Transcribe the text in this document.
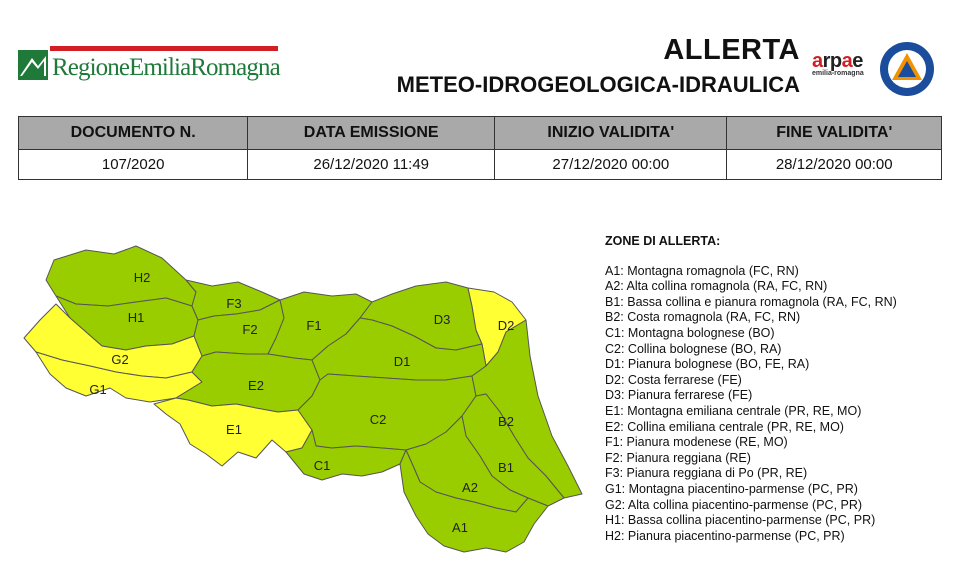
RegioneEmiliaRomagna
ALLERTA
METEO-IDROGEOLOGICA-IDRAULICA
arpae
emilia-romagna
DOCUMENTO N.	DATA EMISSIONE	INIZIO VALIDITA'	FINE VALIDITA'
107/2020	26/12/2020 11:49	27/12/2020 00:00	28/12/2020 00:00
H2
H1
G2
G1
F3
F2	F1
E2
E1
D3	D2
D1
C2
C1
B2
B1
A2
A1
ZONE DI ALLERTA:
A1: Montagna romagnola (FC, RN)
A2: Alta collina romagnola (RA, FC, RN)
B1: Bassa collina e pianura romagnola (RA, FC, RN)
B2: Costa romagnola (RA, FC, RN)
C1: Montagna bolognese (BO)
C2: Collina bolognese (BO, RA)
D1: Pianura bolognese (BO, FE, RA)
D2: Costa ferrarese (FE)
D3: Pianura ferrarese (FE)
E1: Montagna emiliana centrale (PR, RE, MO)
E2: Collina emiliana centrale (PR, RE, MO)
F1: Pianura modenese (RE, MO)
F2: Pianura reggiana (RE)
F3: Pianura reggiana di Po (PR, RE)
G1: Montagna piacentino-parmense (PC, PR)
G2: Alta collina piacentino-parmense (PC, PR)
H1: Bassa collina piacentino-parmense (PC, PR)
H2: Pianura piacentino-parmense (PC, PR)
